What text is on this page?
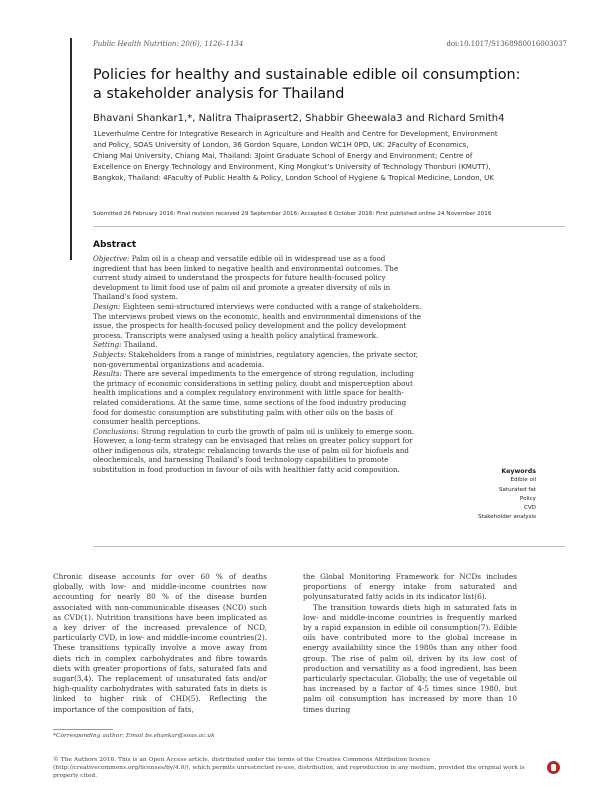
Public Health Nutrition: 20(6), 1126–1134	doi:10.1017/S1368980016003037
Policies for healthy and sustainable edible oil consumption:
a stakeholder analysis for Thailand
Bhavani Shankar1,*, Nalitra Thaiprasert2, Shabbir Gheewala3 and Richard Smith4
1Leverhulme Centre for Integrative Research in Agriculture and Health and Centre for Development, Environment
and Policy, SOAS University of London, 36 Gordon Square, London WC1H 0PD, UK: 2Faculty of Economics,
Chiang Mai University, Chiang Mai, Thailand: 3Joint Graduate School of Energy and Environment; Centre of
Excellence on Energy Technology and Environment, King Mongkut’s University of Technology Thonburi (KMUTT),
Bangkok, Thailand: 4Faculty of Public Health & Policy, London School of Hygiene & Tropical Medicine, London, UK
Submitted 26 February 2016: Final revision received 29 September 2016: Accepted 6 October 2016: First published online 24 November 2016
Abstract

Objective: Palm oil is a cheap and versatile edible oil in widespread use as a food ingredient that has been linked to negative health and environmental outcomes. The current study aimed to understand the prospects for future health-focused policy development to limit food use of palm oil and promote a greater diversity of oils in Thailand’s food system.

Design: Eighteen semi-structured interviews were conducted with a range of stakeholders. The interviews probed views on the economic, health and environmental dimensions of the issue, the prospects for health-focused policy development and the policy development process. Transcripts were analysed using a health policy analytical framework.

Setting: Thailand.

Subjects: Stakeholders from a range of ministries, regulatory agencies, the private sector, non-governmental organizations and academia.

Results: There are several impediments to the emergence of strong regulation, including the primacy of economic considerations in setting policy, doubt and misperception about health implications and a complex regulatory environment with little space for health-related considerations. At the same time, some sections of the food industry producing food for domestic consumption are substituting palm with other oils on the basis of consumer health perceptions.

Conclusions: Strong regulation to curb the growth of palm oil is unlikely to emerge soon. However, a long-term strategy can be envisaged that relies on greater policy support for other indigenous oils, strategic rebalancing towards the use of palm oil for biofuels and oleochemicals, and harnessing Thailand’s food technology capabilities to promote substitution in food production in favour of oils with healthier fatty acid composition.	Keywords
Edible oil
Saturated fat
Policy
CVD
Stakeholder analysis

Chronic disease accounts for over 60 % of deaths globally, with low- and middle-income countries now accounting for nearly 80 % of the disease burden associated with non-communicable diseases (NCD) such as CVD(1). Nutrition transitions have been implicated as a key driver of the increased prevalence of NCD, particularly CVD, in low- and middle-income countries(2). These transitions typically involve a move away from diets rich in complex carbohydrates and fibre towards diets with greater proportions of fats, saturated fats and sugar(3,4). The replacement of unsaturated fats and/or high-quality carbohydrates with saturated fats in diets is linked to higher risk of CHD(5). Reflecting the importance of the composition of fats,

the Global Monitoring Framework for NCDs includes proportions of energy intake from saturated and polyunsaturated fatty acids in its indicator list(6).

The transition towards diets high in saturated fats in low- and middle-income countries is frequently marked by a rapid expansion in edible oil consumption(7). Edible oils have contributed more to the global increase in energy availability since the 1980s than any other food group. The rise of palm oil, driven by its low cost of production and versatility as a food ingredient, has been particularly spectacular. Globally, the use of vegetable oil has increased by a factor of 4·5 times since 1980, but palm oil consumption has increased by more than 10 times during

*Corresponding author: Email bs.shankar@soas.ac.uk
© The Authors 2016. This is an Open Access article, distributed under the terms of the Creative Commons Attribution licence (http://creativecommons.org/licenses/by/4.0/), which permits unrestricted re-use, distribution, and reproduction in any medium, provided the original work is properly cited.
